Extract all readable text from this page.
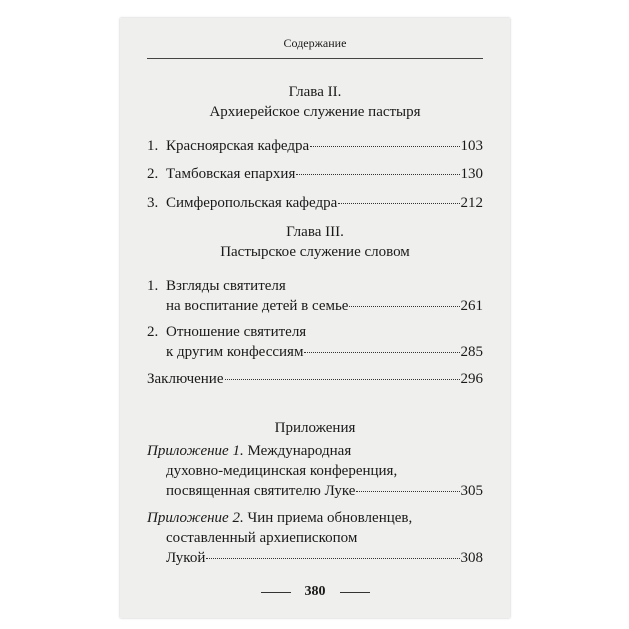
Содержание
Глава II.
Архиерейское служение пастыря
1. Красноярская кафедра	103
2. Тамбовская епархия	130
3. Симферопольская кафедра	212
Глава III.
Пастырское служение словом
1. Взгляды святителя
на воспитание детей в семье	261
2. Отношение святителя
к другим конфессиям	285
Заключение	296
Приложения
Приложение 1.
Международная
духовно-медицинская конференция,
посвященная святителю Луке	305
Приложение 2.
Чин приема обновленцев,
составленный архиепископом
Лукой	308
380
